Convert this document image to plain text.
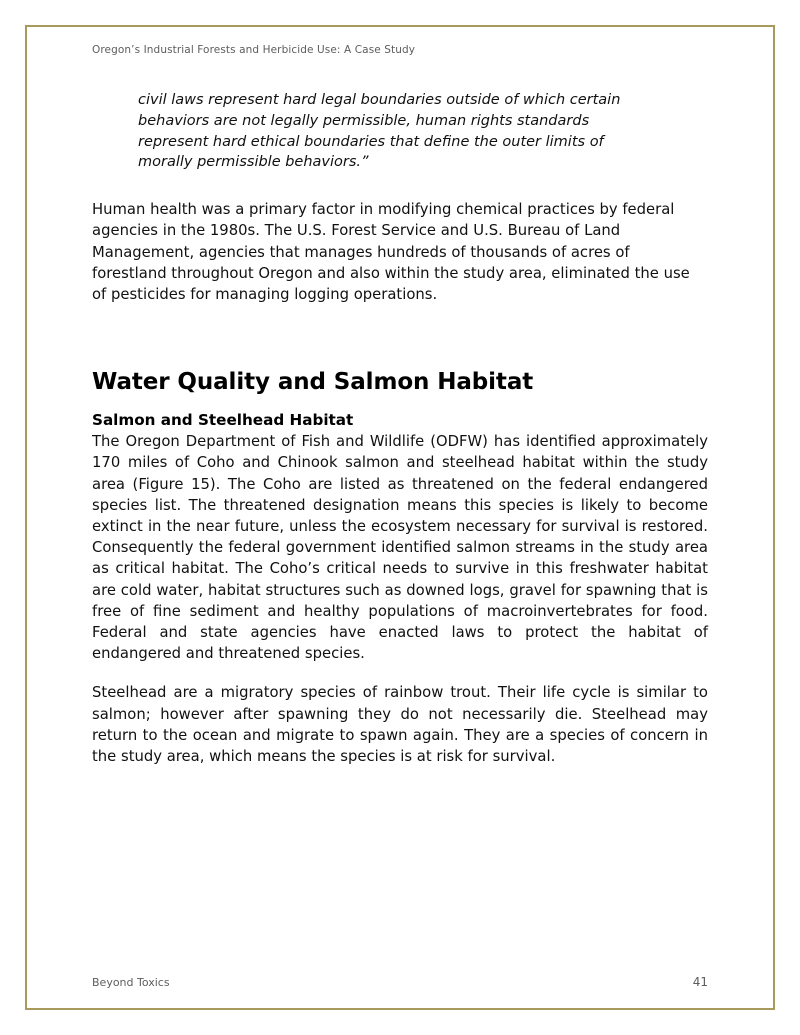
Oregon’s Industrial Forests and Herbicide Use: A Case Study
civil laws represent hard legal boundaries outside of which certain behaviors are not legally permissible, human rights standards represent hard ethical boundaries that define the outer limits of morally permissible behaviors.”

Human health was a primary factor in modifying chemical practices by federal agencies in the 1980s. The U.S. Forest Service and U.S. Bureau of Land Management, agencies that manages hundreds of thousands of acres of forestland throughout Oregon and also within the study area, eliminated the use of pesticides for managing logging operations.

Water Quality and Salmon Habitat
Salmon and Steelhead Habitat

The Oregon Department of Fish and Wildlife (ODFW) has identified approximately 170 miles of Coho and Chinook salmon and steelhead habitat within the study area (Figure 15). The Coho are listed as threatened on the federal endangered species list. The threatened designation means this species is likely to become extinct in the near future, unless the ecosystem necessary for survival is restored. Consequently the federal government identified salmon streams in the study area as critical habitat. The Coho’s critical needs to survive in this freshwater habitat are cold water, habitat structures such as downed logs, gravel for spawning that is free of fine sediment and healthy populations of macroinvertebrates for food. Federal and state agencies have enacted laws to protect the habitat of endangered and threatened species.

Steelhead are a migratory species of rainbow trout. Their life cycle is similar to salmon; however after spawning they do not necessarily die. Steelhead may return to the ocean and migrate to spawn again. They are a species of concern in the study area, which means the species is at risk for survival.

Beyond Toxics	41
